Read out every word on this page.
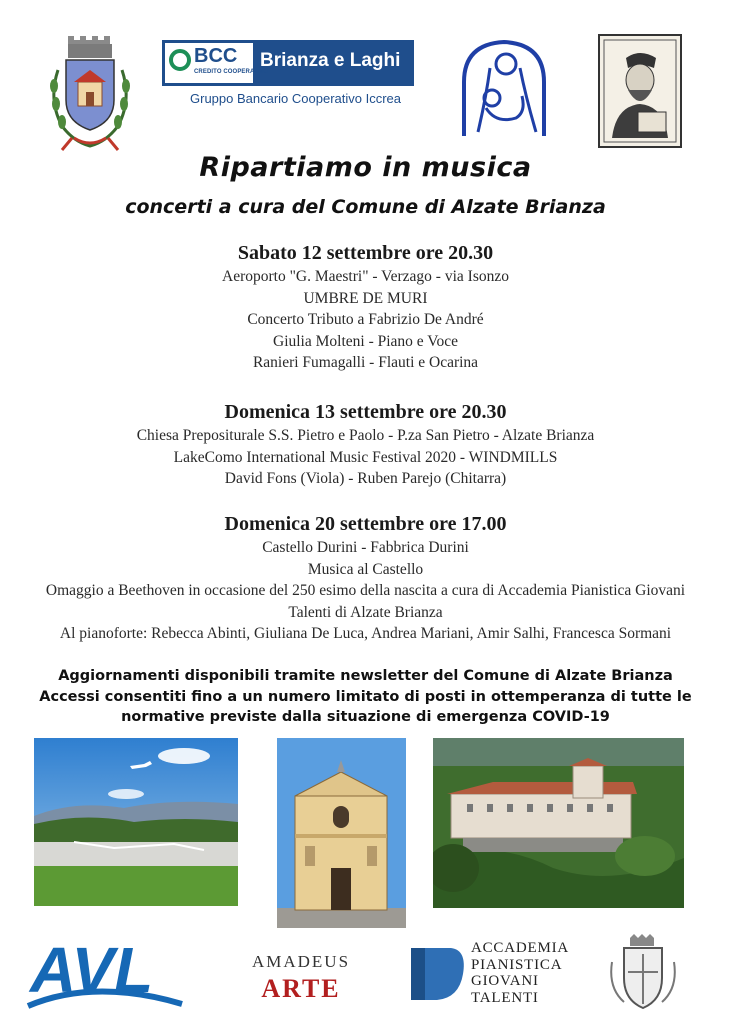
BCC
CREDITO COOPERATIVO
Brianza e Laghi
Gruppo Bancario Cooperativo Iccrea
Ripartiamo in musica
concerti a cura del Comune di Alzate Brianza
Sabato 12 settembre ore 20.30
Aeroporto "G. Maestri" - Verzago - via Isonzo
UMBRE DE MURI
Concerto Tributo a Fabrizio De André
Giulia Molteni - Piano e Voce
Ranieri Fumagalli - Flauti e Ocarina
Domenica 13 settembre ore 20.30
Chiesa Prepositurale S.S. Pietro e Paolo - P.za San Pietro - Alzate Brianza
LakeComo International Music Festival 2020 - WINDMILLS
David Fons (Viola) - Ruben Parejo (Chitarra)
Domenica 20 settembre ore 17.00
Castello Durini - Fabbrica Durini
Musica al Castello
Omaggio a Beethoven in occasione del 250 esimo della nascita a cura di Accademia Pianistica Giovani
Talenti di Alzate Brianza
Al pianoforte: Rebecca Abinti, Giuliana De Luca, Andrea Mariani, Amir Salhi, Francesca Sormani
Aggiornamenti disponibili tramite newsletter del Comune di Alzate Brianza
Accessi consentiti fino a un numero limitato di posti in ottemperanza di tutte le
normative previste dalla situazione di emergenza COVID-19
AVL	AMADEUS
ARTE
ACCADEMIA
PIANISTICA
GIOVANI
TALENTI
